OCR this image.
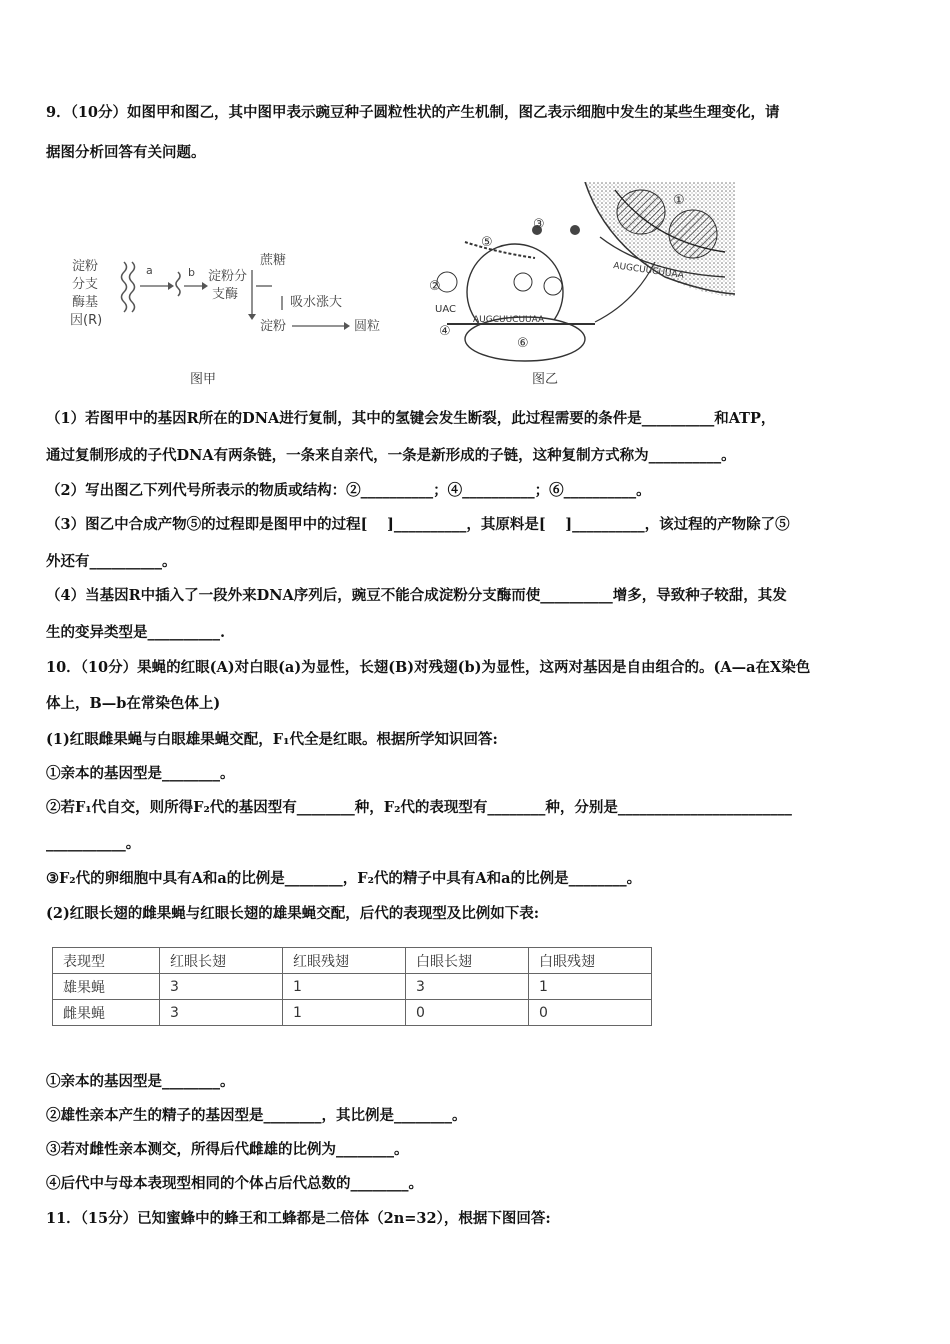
9．（10分）如图甲和图乙，其中图甲表示豌豆种子圆粒性状的产生机制，图乙表示细胞中发生的某些生理变化，请
据图分析回答有关问题。
淀粉
分支
酶基
因(R)
a	b 淀粉分
支酶
蔗糖
吸水涨大
淀粉	圆粒
图甲
①
②
③
④
⑤
⑥
UAC
AUGCUUCUUAA
AUGCUUCUUAA
图乙
（1）若图甲中的基因R所在的DNA进行复制，其中的氢键会发生断裂，此过程需要的条件是__________和ATP，
通过复制形成的子代DNA有两条链，一条来自亲代，一条是新形成的子链，这种复制方式称为__________。
（2）写出图乙下列代号所表示的物质或结构：②__________；④__________；⑥__________。
（3）图乙中合成产物⑤的过程即是图甲中的过程[　 ]__________，其原料是[　 ]__________，该过程的产物除了⑤
外还有__________。
（4）当基因R中插入了一段外来DNA序列后，豌豆不能合成淀粉分支酶而使__________增多，导致种子较甜，其发
生的变异类型是__________.
10．（10分）果蝇的红眼(A)对白眼(a)为显性，长翅(B)对残翅(b)为显性，这两对基因是自由组合的。(A—a在X染色
体上，B—b在常染色体上)
(1)红眼雌果蝇与白眼雄果蝇交配，F₁代全是红眼。根据所学知识回答:
①亲本的基因型是________。
②若F₁代自交，则所得F₂代的基因型有________种，F₂代的表现型有________种，分别是________________________
___________。
③F₂代的卵细胞中具有A和a的比例是________，F₂代的精子中具有A和a的比例是________。
(2)红眼长翅的雌果蝇与红眼长翅的雄果蝇交配，后代的表现型及比例如下表:
表现型	红眼长翅	红眼残翅	白眼长翅	白眼残翅
雄果蝇	3	1	3	1
雌果蝇	3	1	0	0
①亲本的基因型是________。
②雄性亲本产生的精子的基因型是________，其比例是________。
③若对雌性亲本测交，所得后代雌雄的比例为________。
④后代中与母本表现型相同的个体占后代总数的________。
11．（15分）已知蜜蜂中的蜂王和工蜂都是二倍体（2n=32），根据下图回答:
